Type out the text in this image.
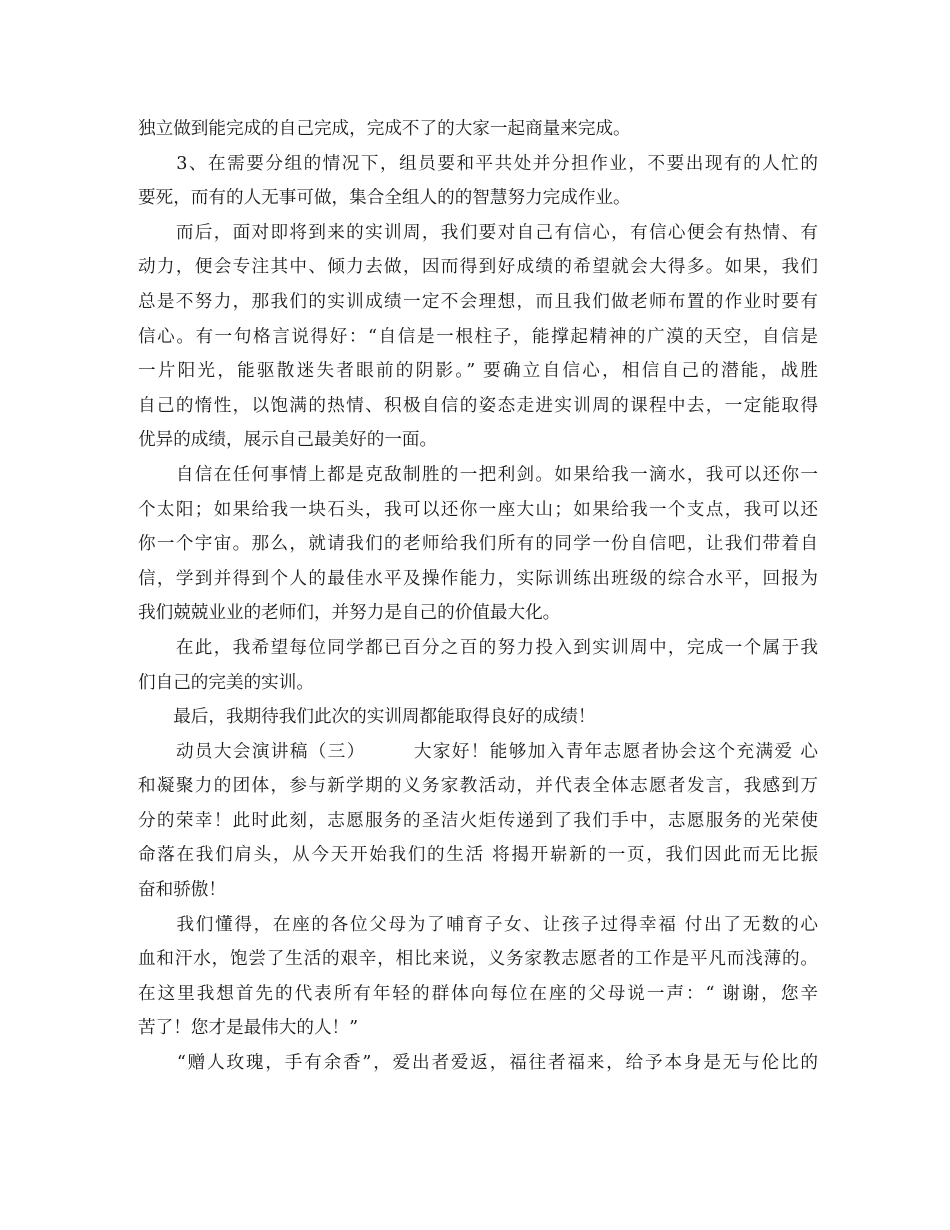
独立做到能完成的自己完成，完成不了的大家一起商量来完成。
　　3、在需要分组的情况下，组员要和平共处并分担作业，不要出现有的人忙的
要死，而有的人无事可做，集合全组人的的智慧努力完成作业。
　　而后，面对即将到来的实训周，我们要对自己有信心，有信心便会有热情、有
动力，便会专注其中、倾力去做，因而得到好成绩的希望就会大得多。如果，我们
总是不努力，那我们的实训成绩一定不会理想，而且我们做老师布置的作业时要有
信心。有一句格言说得好：“自信是一根柱子，能撑起精神的广漠的天空，自信是
一片阳光，能驱散迷失者眼前的阴影。” 要确立自信心，相信自己的潜能，战胜
自己的惰性，以饱满的热情、积极自信的姿态走进实训周的课程中去，一定能取得
优异的成绩，展示自己最美好的一面。
　　自信在任何事情上都是克敌制胜的一把利剑。如果给我一滴水，我可以还你一
个太阳；如果给我一块石头，我可以还你一座大山；如果给我一个支点，我可以还
你一个宇宙。那么，就请我们的老师给我们所有的同学一份自信吧，让我们带着自
信，学到并得到个人的最佳水平及操作能力，实际训练出班级的综合水平，回报为
我们兢兢业业的老师们，并努力是自己的价值最大化。
　　在此，我希望每位同学都已百分之百的努力投入到实训周中，完成一个属于我
们自己的完美的实训。
　　最后，我期待我们此次的实训周都能取得良好的成绩！
　　动员大会演讲稿（三）　　　大家好！能够加入青年志愿者协会这个充满爱 心
和凝聚力的团体，参与新学期的义务家教活动，并代表全体志愿者发言，我感到万
分的荣幸！此时此刻，志愿服务的圣洁火炬传递到了我们手中，志愿服务的光荣使
命落在我们肩头，从今天开始我们的生活 将揭开崭新的一页，我们因此而无比振
奋和骄傲！
　　我们懂得，在座的各位父母为了哺育子女、让孩子过得幸福 付出了无数的心
血和汗水，饱尝了生活的艰辛，相比来说，义务家教志愿者的工作是平凡而浅薄的。
在这里我想首先的代表所有年轻的群体向每位在座的父母说一声：“ 谢谢，您辛
苦了！您才是最伟大的人！”
　　“赠人玫瑰，手有余香”，爱出者爱返，福往者福来，给予本身是无与伦比的
